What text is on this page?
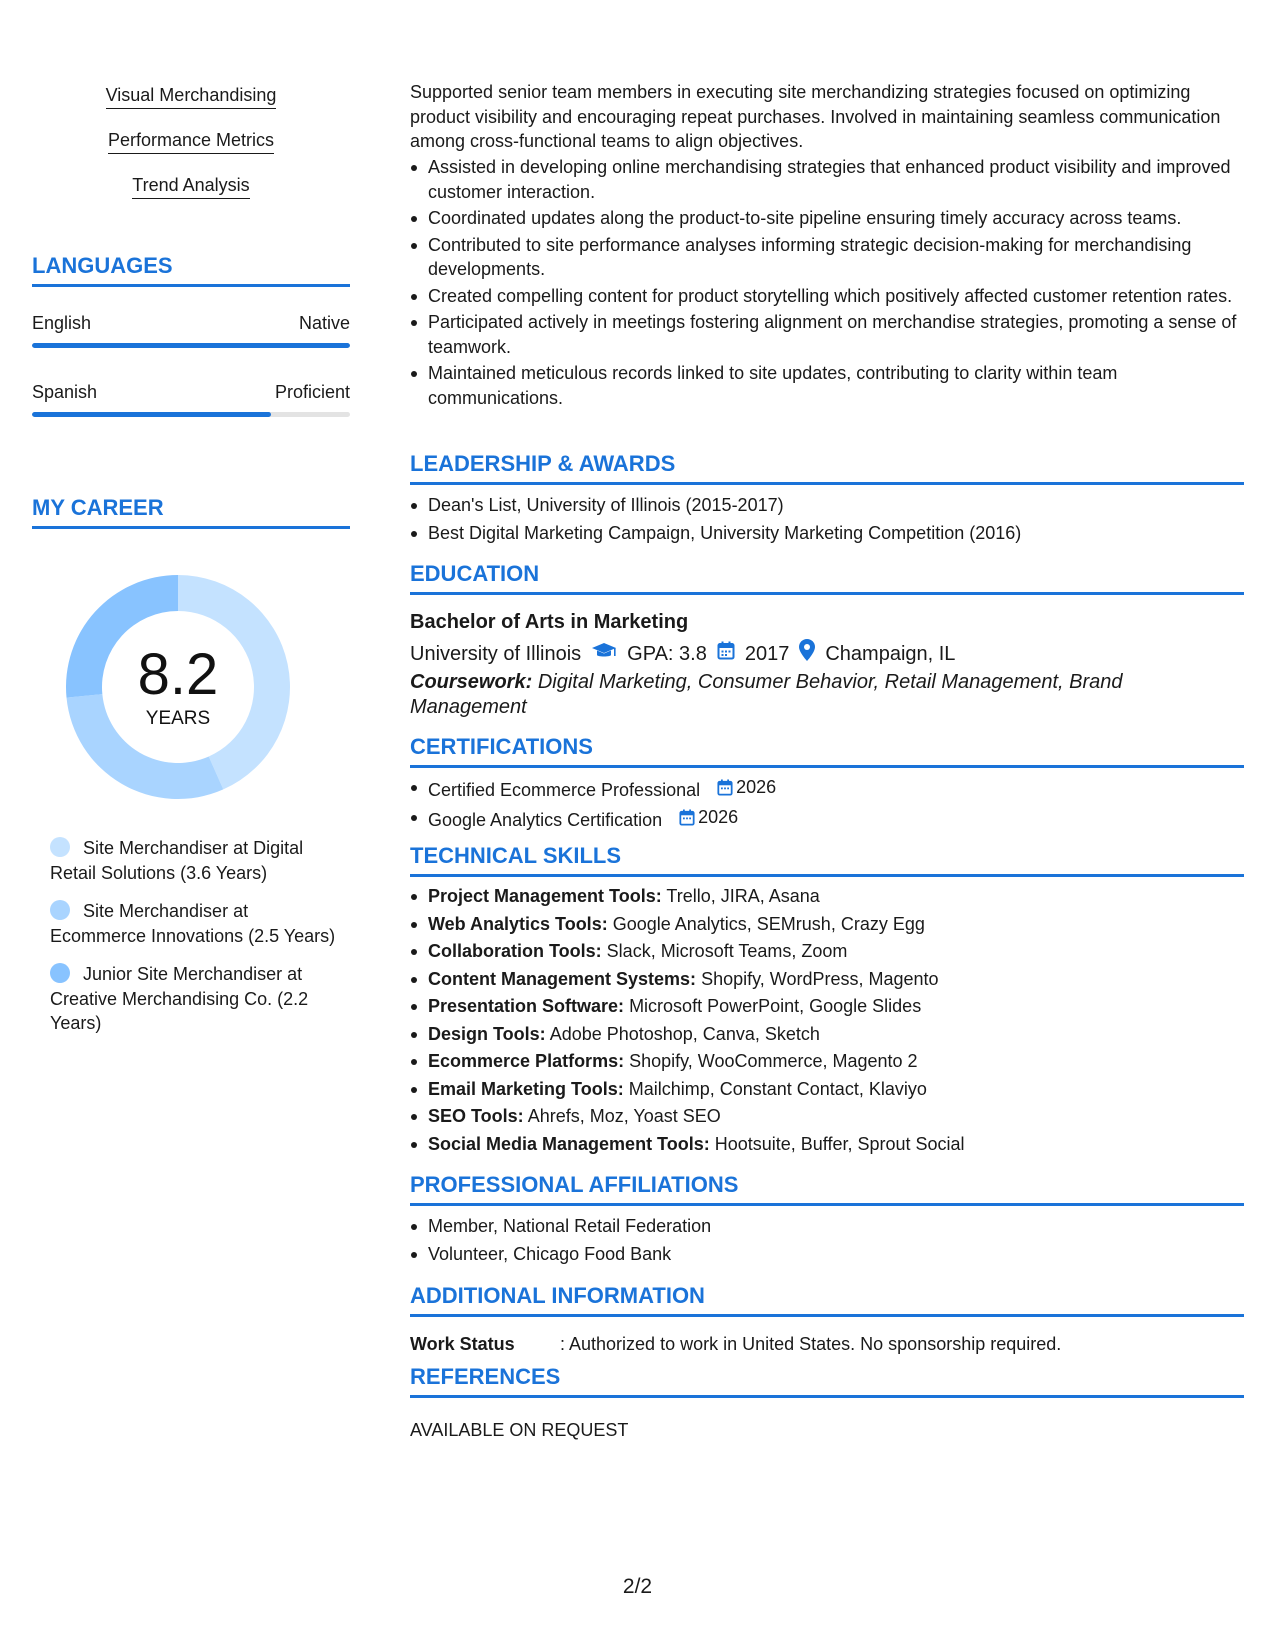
Visual Merchandising
Performance Metrics
Trend Analysis
LANGUAGES
English	Native
Spanish	Proficient
MY CAREER
8.2
YEARS
Site Merchandiser at Digital Retail Solutions (3.6 Years)
Site Merchandiser at Ecommerce Innovations (2.5 Years)
Junior Site Merchandiser at Creative Merchandising Co. (2.2 Years)
Supported senior team members in executing site merchandizing strategies focused on optimizing product visibility and encouraging repeat purchases. Involved in maintaining seamless communication among cross-functional teams to align objectives.
Assisted in developing online merchandising strategies that enhanced product visibility and improved customer interaction.
Coordinated updates along the product-to-site pipeline ensuring timely accuracy across teams.
Contributed to site performance analyses informing strategic decision-making for merchandising developments.
Created compelling content for product storytelling which positively affected customer retention rates.
Participated actively in meetings fostering alignment on merchandise strategies, promoting a sense of teamwork.
Maintained meticulous records linked to site updates, contributing to clarity within team communications.
LEADERSHIP & AWARDS
Dean's List, University of Illinois (2015-2017)
Best Digital Marketing Campaign, University Marketing Competition (2016)
EDUCATION
Bachelor of Arts in Marketing
University of Illinois GPA: 3.8 2017 Champaign, IL
Coursework: Digital Marketing, Consumer Behavior, Retail Management, Brand Management
CERTIFICATIONS
Certified Ecommerce Professional 2026
Google Analytics Certification 2026
TECHNICAL SKILLS
Project Management Tools: Trello, JIRA, Asana
Web Analytics Tools: Google Analytics, SEMrush, Crazy Egg
Collaboration Tools: Slack, Microsoft Teams, Zoom
Content Management Systems: Shopify, WordPress, Magento
Presentation Software: Microsoft PowerPoint, Google Slides
Design Tools: Adobe Photoshop, Canva, Sketch
Ecommerce Platforms: Shopify, WooCommerce, Magento 2
Email Marketing Tools: Mailchimp, Constant Contact, Klaviyo
SEO Tools: Ahrefs, Moz, Yoast SEO
Social Media Management Tools: Hootsuite, Buffer, Sprout Social
PROFESSIONAL AFFILIATIONS
Member, National Retail Federation
Volunteer, Chicago Food Bank
ADDITIONAL INFORMATION
Work Status	: Authorized to work in United States. No sponsorship required.
REFERENCES
AVAILABLE ON REQUEST
2/2
